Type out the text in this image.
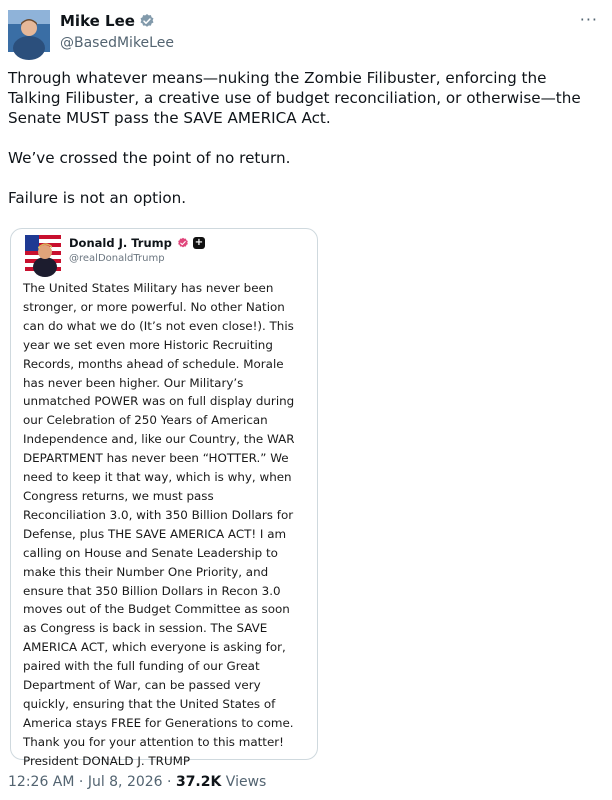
Mike Lee
@BasedMikeLee
···

Through whatever means—nuking the Zombie Filibuster, enforcing the Talking Filibuster, a creative use of budget reconciliation, or otherwise—the Senate MUST pass the SAVE AMERICA Act.

We’ve crossed the point of no return.

Failure is not an option.

Donald J. Trump +
@realDonaldTrump
The United States Military has never been
stronger, or more powerful. No other Nation
can do what we do (It’s not even close!). This
year we set even more Historic Recruiting
Records, months ahead of schedule. Morale
has never been higher. Our Military’s
unmatched POWER was on full display during
our Celebration of 250 Years of American
Independence and, like our Country, the WAR
DEPARTMENT has never been “HOTTER.” We
need to keep it that way, which is why, when
Congress returns, we must pass
Reconciliation 3.0, with 350 Billion Dollars for
Defense, plus THE SAVE AMERICA ACT! I am
calling on House and Senate Leadership to
make this their Number One Priority, and
ensure that 350 Billion Dollars in Recon 3.0
moves out of the Budget Committee as soon
as Congress is back in session. The SAVE
AMERICA ACT, which everyone is asking for,
paired with the full funding of our Great
Department of War, can be passed very
quickly, ensuring that the United States of
America stays FREE for Generations to come.
Thank you for your attention to this matter!
President DONALD J. TRUMP
12:26 AM · Jul 8, 2026 · 37.2K Views
